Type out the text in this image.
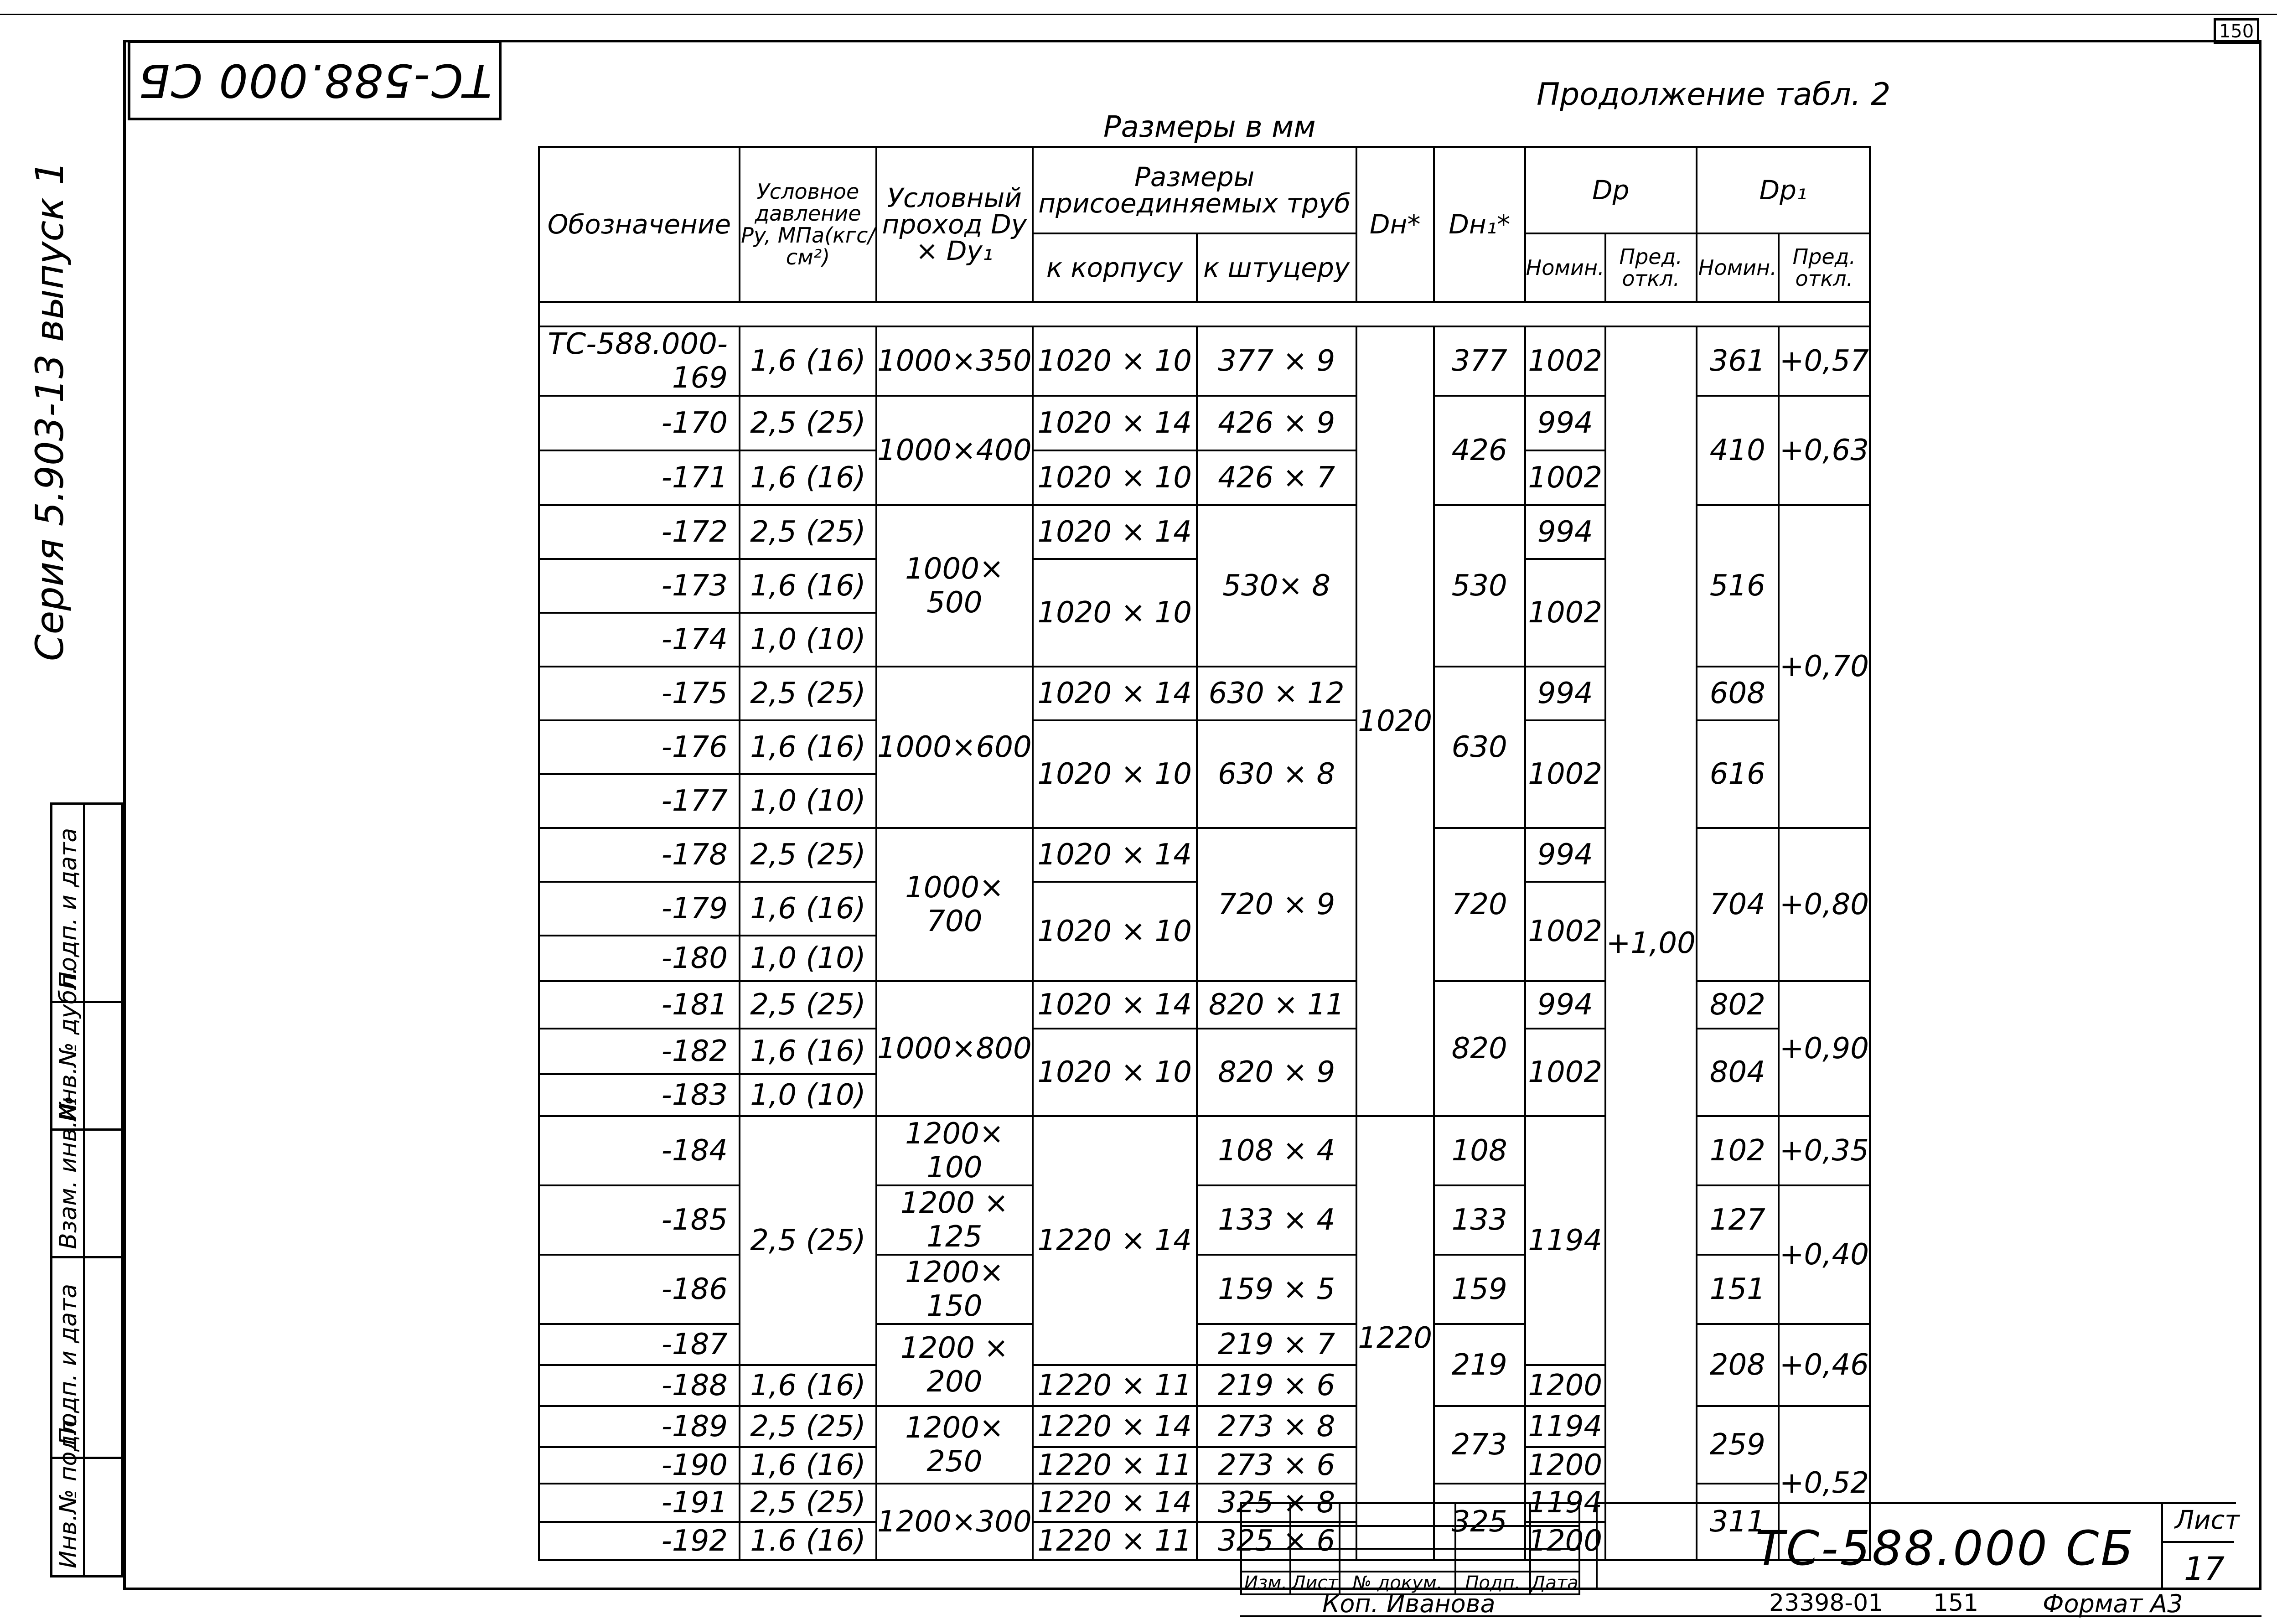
150
ТС-588.000 СБ
Серия 5.903-13 выпуск 1
Подп. и дата
Инв.№ дубл.
Взам. инв.№
Подп. и дата
Инв.№ подл.
Продолжение табл. 2
Размеры в мм
Обозначение	Условное давление Py, МПа(кгс/см²)	Условный проход Dy × Dy₁	Размеры присоединяемых труб		Dн*	Dн₁*	Dр		Dр₁	
			к корпусу	к штуцеру			Номин.	Пред. откл.	Номин.	Пред. откл.

ТС-588.000-169	1,6 (16)	1000×350	1020 × 10	377 × 9	1020	377	1002	+1,00	361	+0,57
-170	2,5 (25)	1000×400	1020 × 14	426 × 9		426	994		410	+0,63
-171	1,6 (16)		1020 × 10	426 × 7			1002			
-172	2,5 (25)	1000× 500	1020 × 14	530× 8		530	994		516	+0,70
-173	1,6 (16)		1020 × 10				1002			
-174	1,0 (10)									
-175	2,5 (25)	1000×600	1020 × 14	630 × 12		630	994		608	
-176	1,6 (16)		1020 × 10	630 × 8			1002		616	
-177	1,0 (10)									
-178	2,5 (25)	1000× 700	1020 × 14	720 × 9		720	994		704	+0,80
-179	1,6 (16)		1020 × 10				1002			
-180	1,0 (10)									
-181	2,5 (25)	1000×800	1020 × 14	820 × 11		820	994		802	+0,90
-182	1,6 (16)		1020 × 10	820 × 9			1002		804	
-183	1,0 (10)									
-184	2,5 (25)	1200× 100	1220 × 14	108 × 4	1220	108	1194		102	+0,35
-185		1200 × 125		133 × 4		133			127	+0,40
-186		1200× 150		159 × 5		159			151	
-187		1200 × 200		219 × 7		219			208	+0,46
-188	1,6 (16)		1220 × 11	219 × 6			1200			
-189	2,5 (25)	1200× 250	1220 × 14	273 × 8		273	1194		259	+0,52
-190	1,6 (16)		1220 × 11	273 × 6			1200			
-191	2,5 (25)	1200×300	1220 × 14	325 × 8		325	1194		311	
-192	1.6 (16)		1220 × 11	325 × 6			1200			

Изм.	Лист	№ докум.	Подп.	Дата
ТС-588.000 СБ
Лист
17
Коп. Иванова	23398-01 151	Формат А3
